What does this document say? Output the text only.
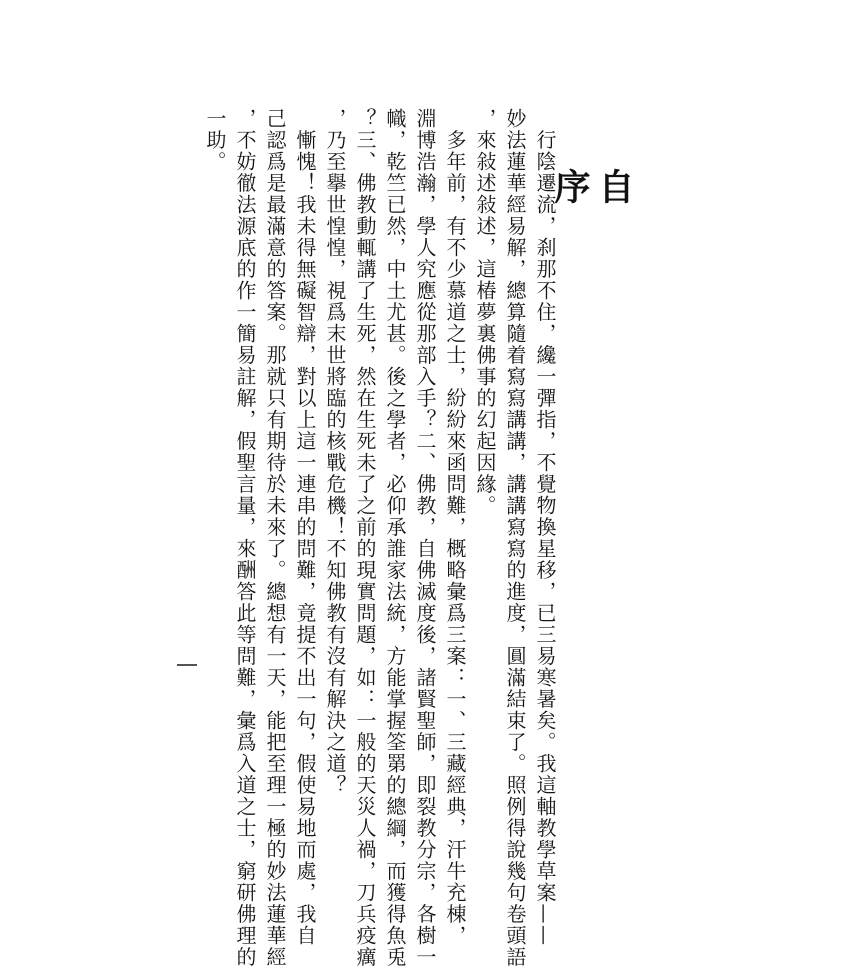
自序
　行陰遷流，刹那不住，纔一彈指，不覺物換星移，已三易寒暑矣。我這軸教學草案——
妙法蓮華經易解，總算隨着寫寫講講，講講寫寫的進度，圓滿結束了。照例得說幾句卷頭語
，來敍述敍述，這椿夢裏佛事的幻起因緣。
　多年前，有不少慕道之士，紛紛來函問難，概略彙爲三案：一、三藏經典，汗牛充棟，
淵博浩瀚，學人究應從那部入手？二、佛教，自佛滅度後，諸賢聖師，即裂教分宗，各樹一
幟，乾竺已然，中土尤甚。後之學者，必仰承誰家法統，方能掌握筌罤的總綱，而獲得魚兎
？三、佛教動輒講了生死，然在生死未了之前的現實問題，如：一般的天災人禍，刀兵疫癘
，乃至擧世惶惶，視爲末世將臨的核戰危機！不知佛教有沒有解決之道？
　慚愧！我未得無礙智辯，對以上這一連串的問難，竟提不出一句，假使易地而處，我自
己認爲是最滿意的答案。那就只有期待於未來了。總想有一天，能把至理一極的妙法蓮華經
，不妨徹法源底的作一簡易註解，假聖言量，來酬答此等問難，彙爲入道之士，窮研佛理的
一助。
